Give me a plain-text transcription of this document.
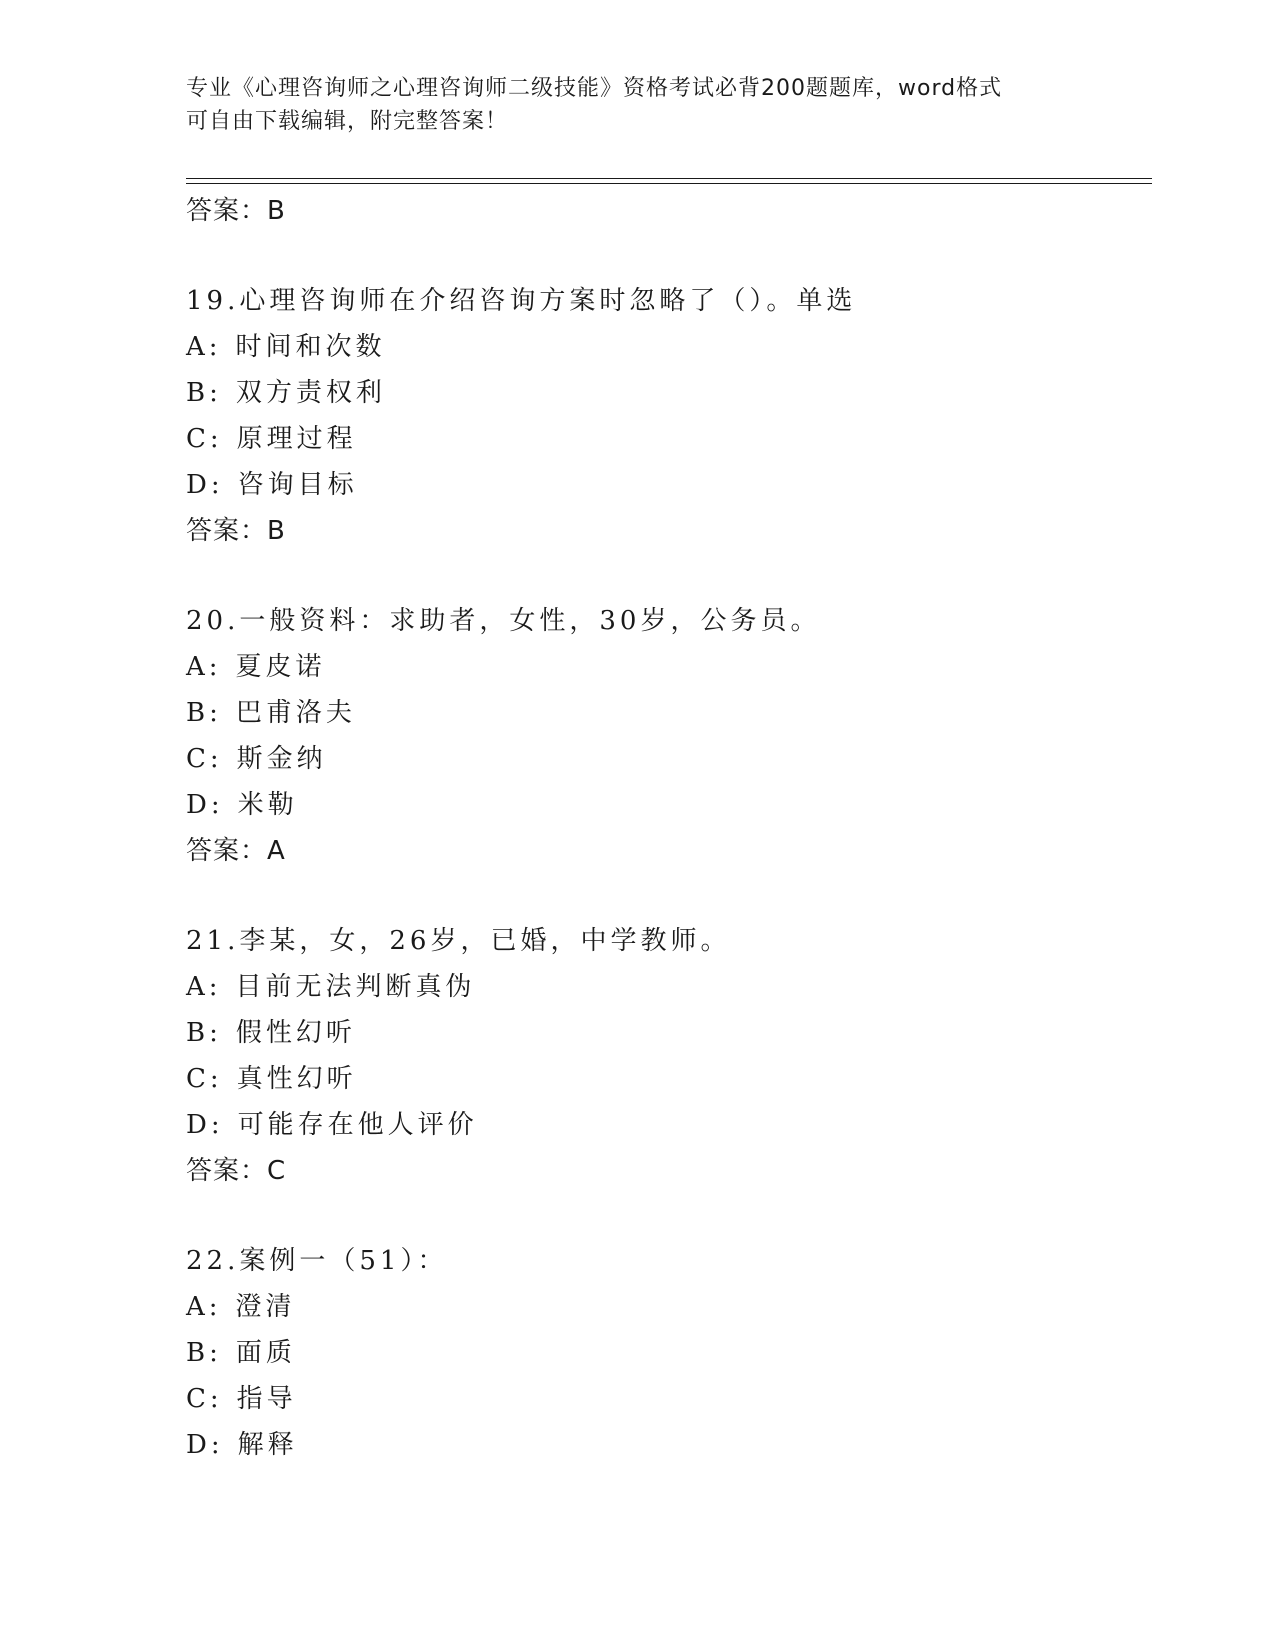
专业《心理咨询师之心理咨询师二级技能》资格考试必背200题题库，word格式
可自由下载编辑，附完整答案！
答案：B
19.心理咨询师在介绍咨询方案时忽略了（）。单选
A: 时间和次数
B: 双方责权利
C: 原理过程
D: 咨询目标
答案：B
20.一般资料：求助者，女性，30岁，公务员。
A: 夏皮诺
B: 巴甫洛夫
C: 斯金纳
D: 米勒
答案：A
21.李某，女，26岁，已婚，中学教师。
A: 目前无法判断真伪
B: 假性幻听
C: 真性幻听
D: 可能存在他人评价
答案：C
22.案例一（51）：
A: 澄清
B: 面质
C: 指导
D: 解释
